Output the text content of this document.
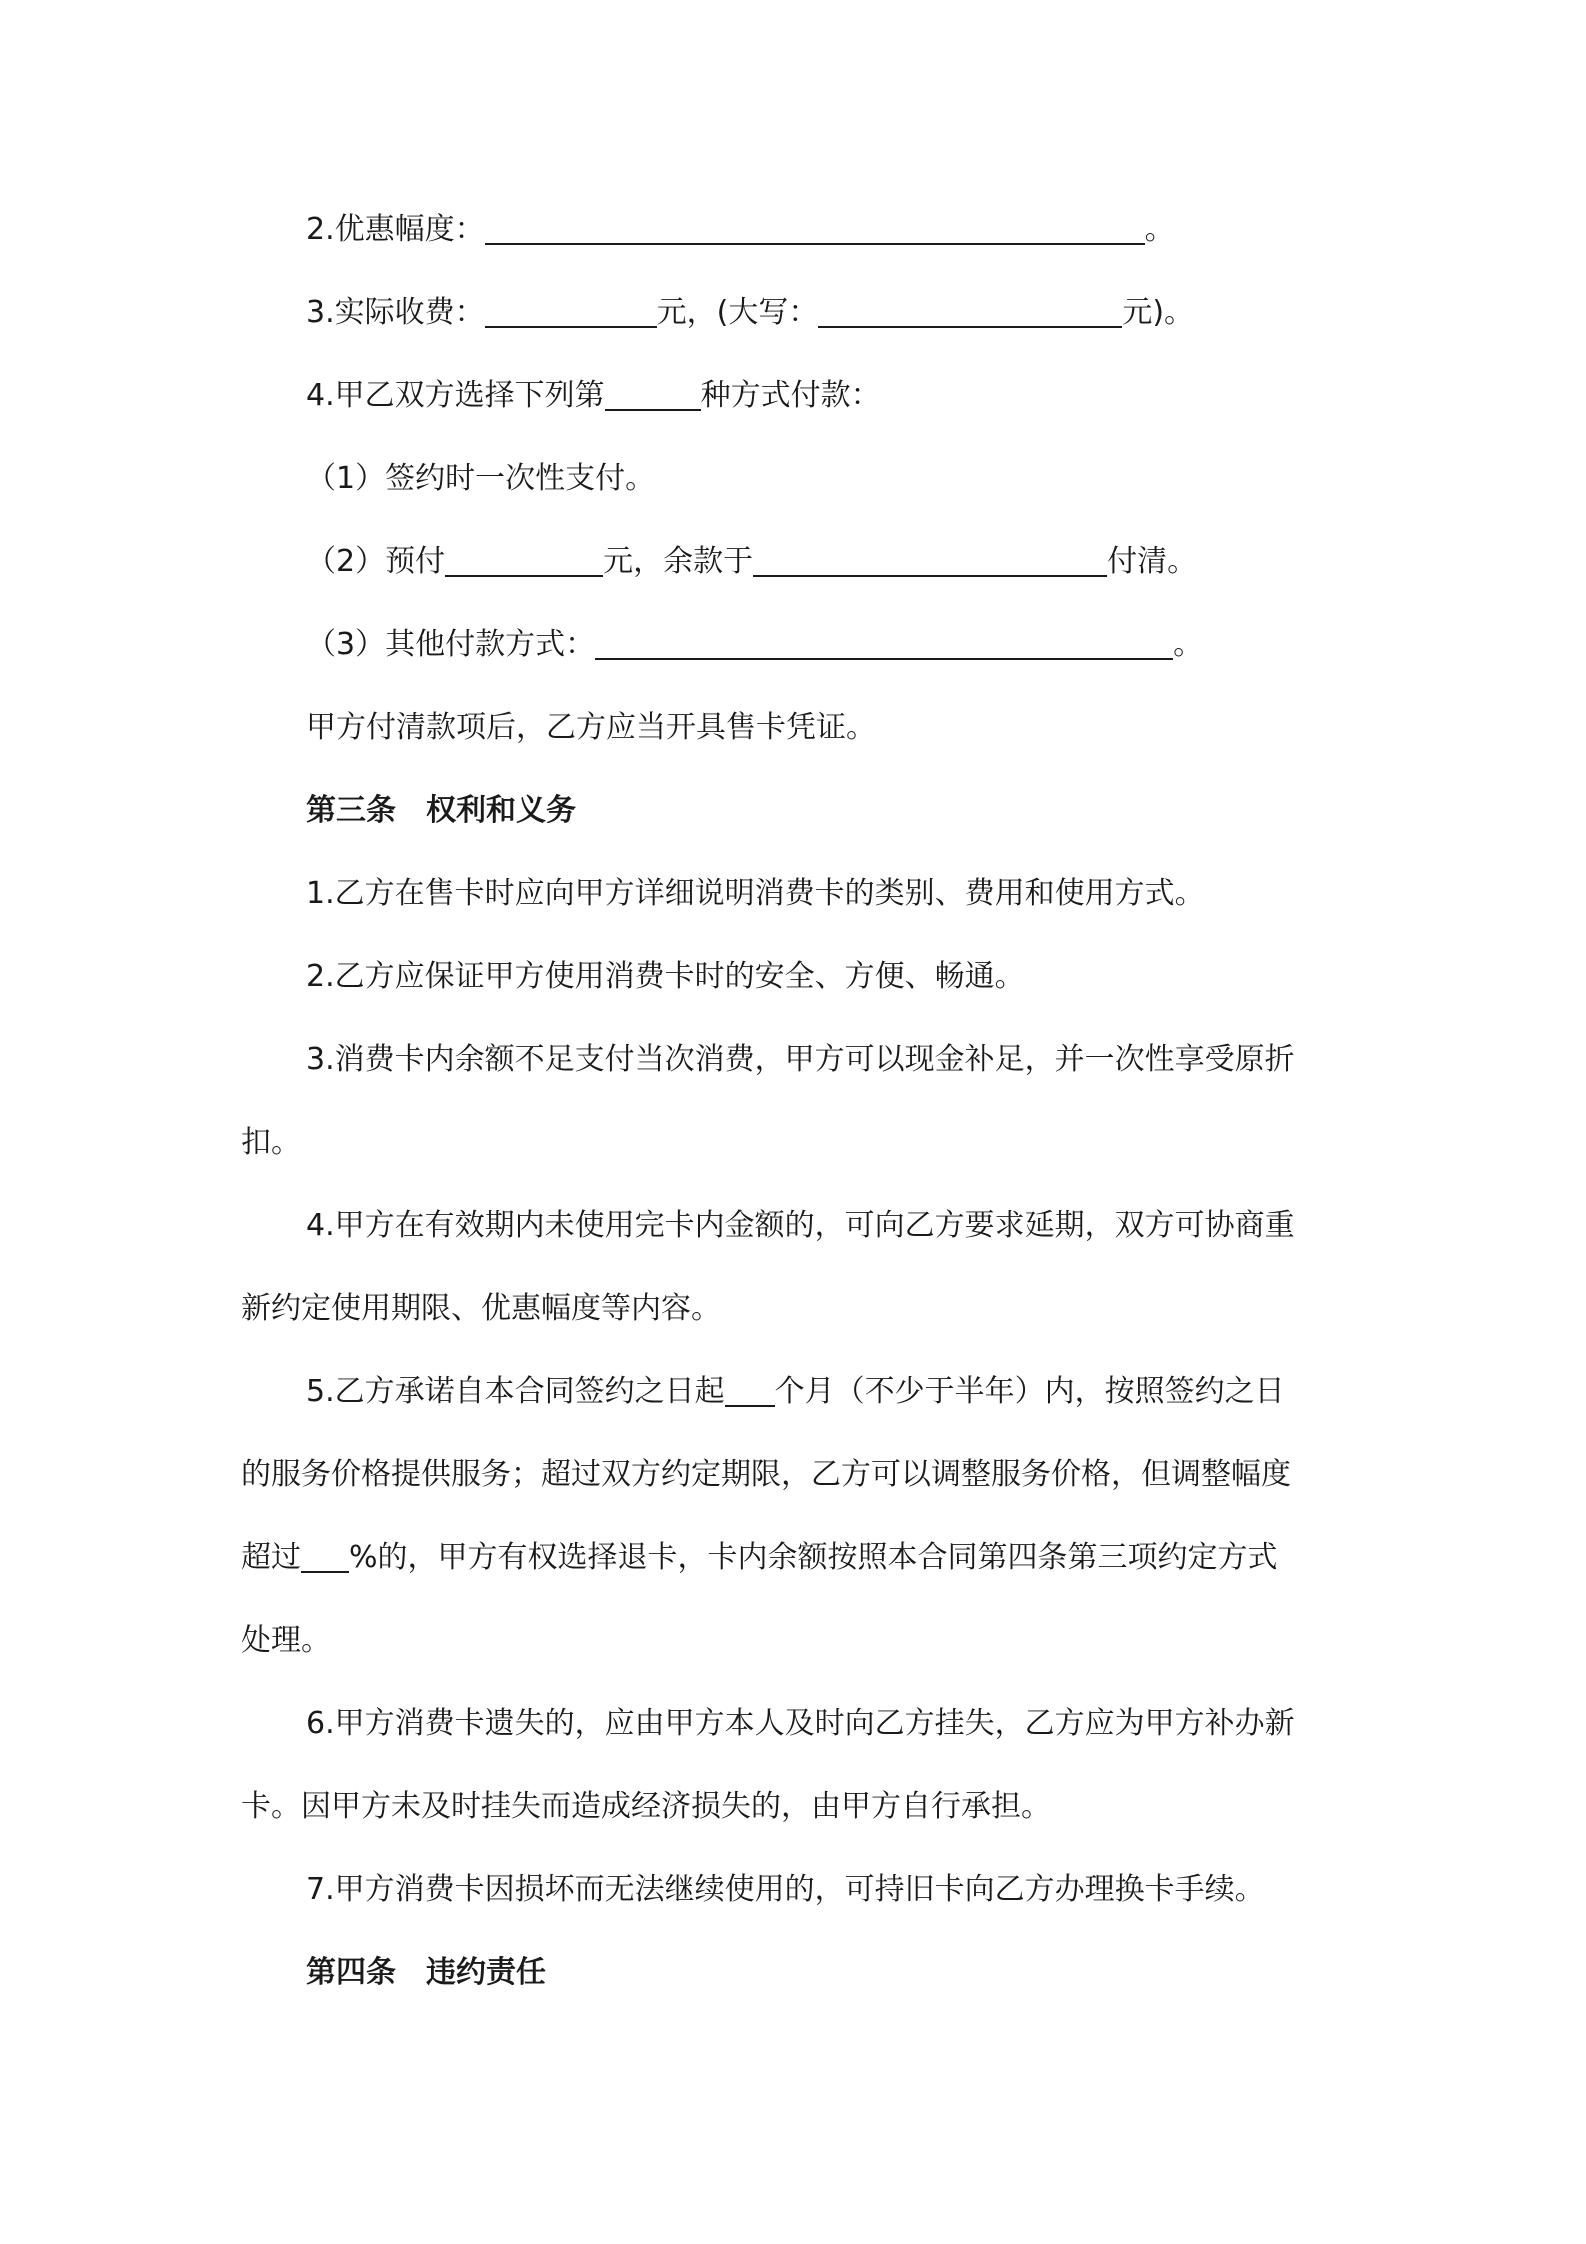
2.优惠幅度：	。
3.实际收费：	元，(大写：	元)。
4.甲乙双方选择下列第	种方式付款：
（1）签约时一次性支付。
（2）预付	元，余款于	付清。
（3）其他付款方式：	。
甲方付清款项后，乙方应当开具售卡凭证。
第三条　权利和义务
1.乙方在售卡时应向甲方详细说明消费卡的类别、费用和使用方式。
2.乙方应保证甲方使用消费卡时的安全、方便、畅通。
3.消费卡内余额不足支付当次消费，甲方可以现金补足，并一次性享受原折
扣。
4.甲方在有效期内未使用完卡内金额的，可向乙方要求延期，双方可协商重
新约定使用期限、优惠幅度等内容。
5.乙方承诺自本合同签约之日起 个月（不少于半年）内，按照签约之日
的服务价格提供服务；超过双方约定期限，乙方可以调整服务价格，但调整幅度
超过 %的，甲方有权选择退卡，卡内余额按照本合同第四条第三项约定方式
处理。
6.甲方消费卡遗失的，应由甲方本人及时向乙方挂失，乙方应为甲方补办新
卡。因甲方未及时挂失而造成经济损失的，由甲方自行承担。
7.甲方消费卡因损坏而无法继续使用的，可持旧卡向乙方办理换卡手续。
第四条　违约责任
